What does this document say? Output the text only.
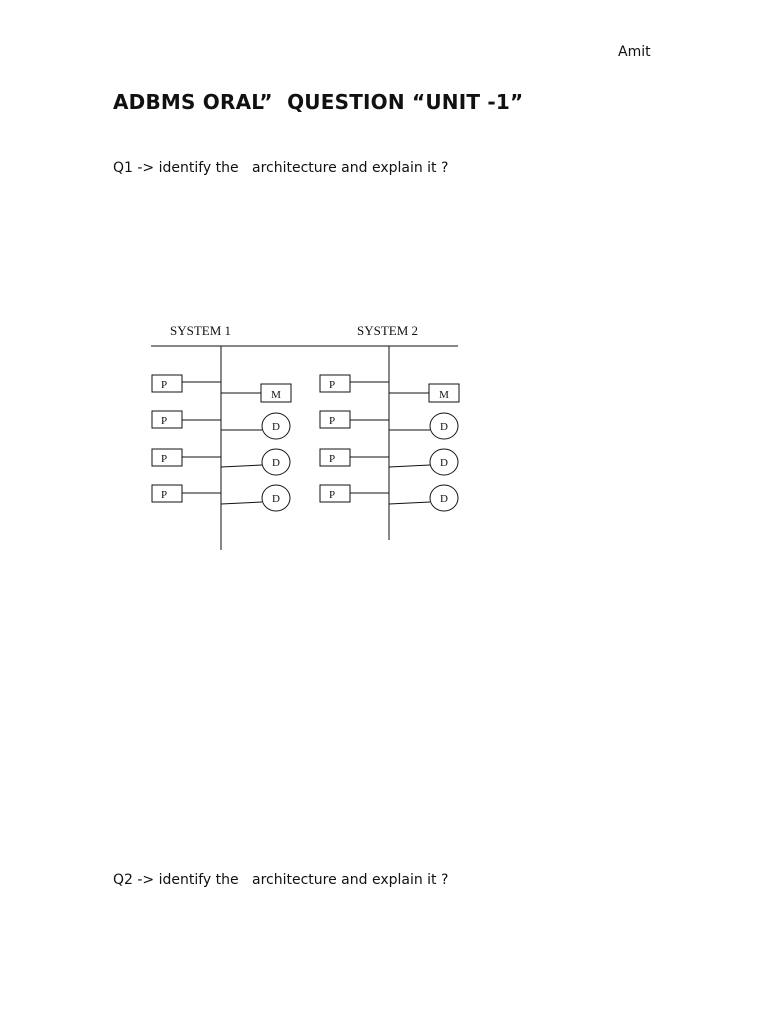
Amit
ADBMS ORAL”  QUESTION “UNIT -1”

Q1 -> identify the   architecture and explain it ?

SYSTEM 1	SYSTEM 2
P
P
P
P
M
D
D
D
P
P
P
P
M
D
D
D

Q2 -> identify the   architecture and explain it ?
